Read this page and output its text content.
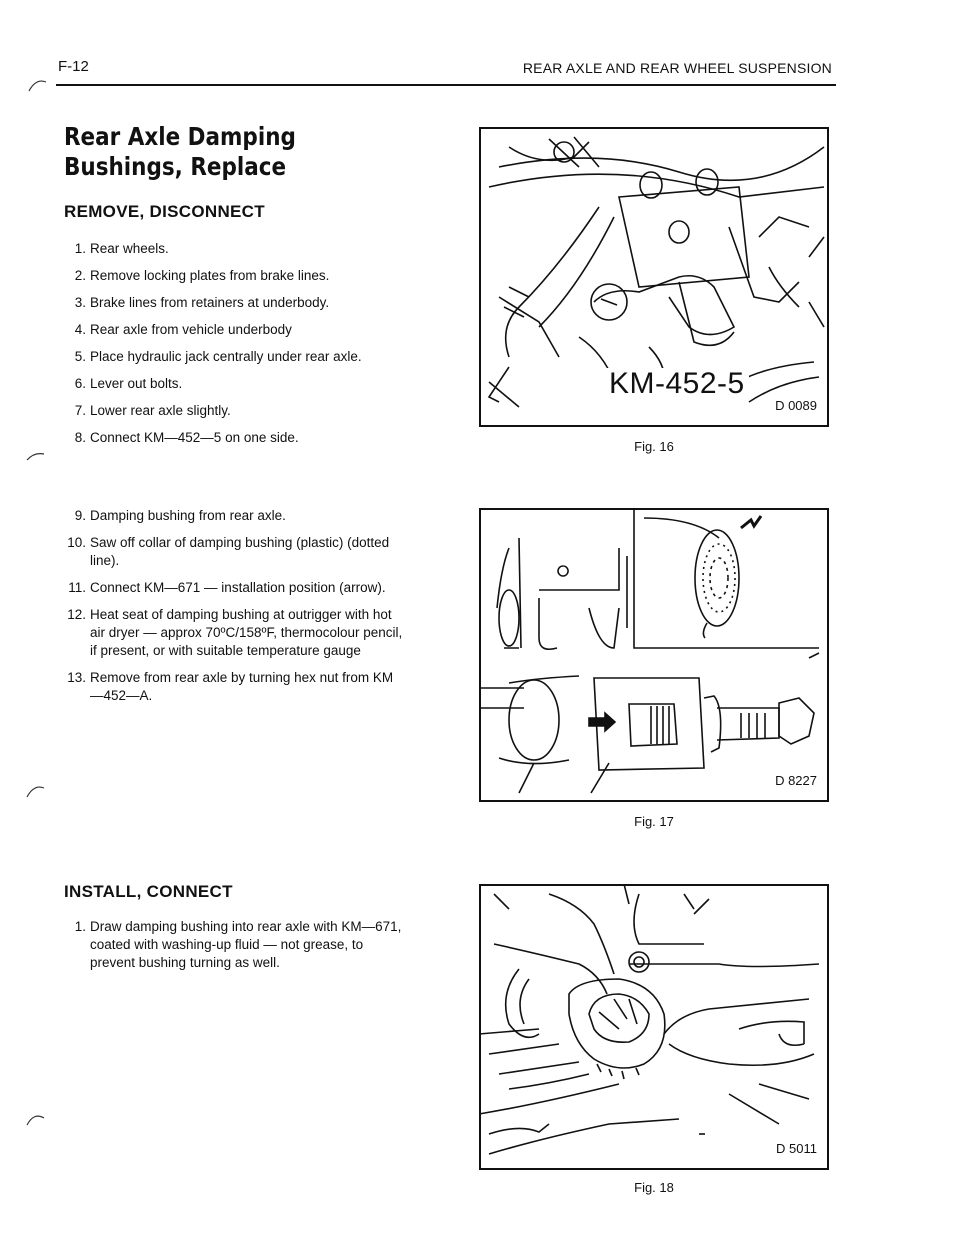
F-12	REAR AXLE AND REAR WHEEL SUSPENSION
Rear Axle Damping Bushings, Replace
REMOVE, DISCONNECT
1 . Rear wheels.
2 . Remove locking plates from brake lines.
3 . Brake lines from retainers at underbody.
4 . Rear axle from vehicle underbody
5 . Place hydraulic jack centrally under rear axle.
6 . Lever out bolts.
7 . Lower rear axle slightly.
8 . Connect KM—452—5 on one side.
9 . Damping bushing from rear axle.
10 . Saw off collar of damping bushing (plastic) (dotted line).
11 . Connect KM—671 — installation position (arrow).
12 . Heat seat of damping bushing at outrigger with hot air dryer — approx 70ºC/158ºF, thermocolour pencil, if present, or with suitable temperature gauge
13 . Remove from rear axle by turning hex nut from KM—452—A.
INSTALL, CONNECT
1 . Draw damping bushing into rear axle with KM—671, coated with washing-up fluid — not grease, to prevent bushing turning as well.
KM-452-5
D 0089
Fig. 16
D 8227
Fig. 17
D 5011
Fig. 18
